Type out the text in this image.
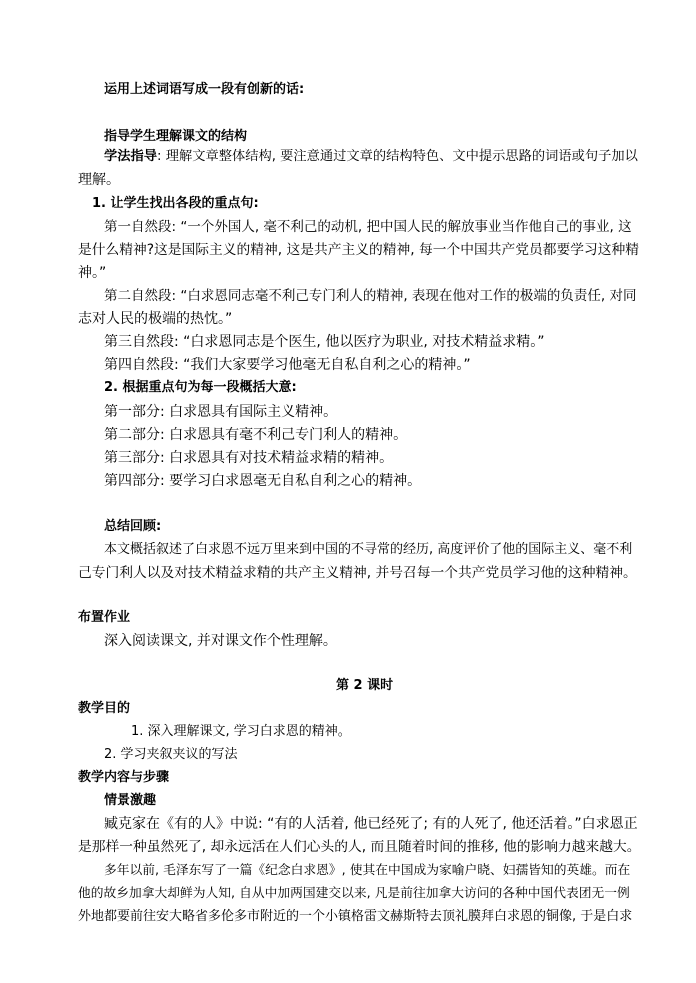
运用上述词语写成一段有创新的话:
指导学生理解课文的结构
学法指导: 理解文章整体结构, 要注意通过文章的结构特色、文中提示思路的词语或句子加以
理解。
1. 让学生找出各段的重点句:
第一自然段: “一个外国人, 毫不利己的动机, 把中国人民的解放事业当作他自己的事业, 这
是什么精神?这是国际主义的精神, 这是共产主义的精神, 每一个中国共产党员都要学习这种精
神。”
第二自然段: “白求恩同志毫不利己专门利人的精神, 表现在他对工作的极端的负责任, 对同
志对人民的极端的热忱。”
第三自然段: “白求恩同志是个医生, 他以医疗为职业, 对技术精益求精。”
第四自然段: “我们大家要学习他毫无自私自利之心的精神。”
2. 根据重点句为每一段概括大意:
第一部分: 白求恩具有国际主义精神。
第二部分: 白求恩具有毫不利己专门利人的精神。
第三部分: 白求恩具有对技术精益求精的精神。
第四部分: 要学习白求恩毫无自私自利之心的精神。
总结回顾:
本文概括叙述了白求恩不远万里来到中国的不寻常的经历, 高度评价了他的国际主义、毫不利
己专门利人以及对技术精益求精的共产主义精神, 并号召每一个共产党员学习他的这种精神。
布置作业
深入阅读课文, 并对课文作个性理解。
第 2 课时
教学目的
1. 深入理解课文, 学习白求恩的精神。
2. 学习夹叙夹议的写法
教学内容与步骤
情景激趣
臧克家在《有的人》中说: “有的人活着, 他已经死了; 有的人死了, 他还活着。”白求恩正
是那样一种虽然死了, 却永远活在人们心头的人, 而且随着时间的推移, 他的影响力越来越大。
多年以前, 毛泽东写了一篇《纪念白求恩》, 使其在中国成为家喻户晓、妇孺皆知的英雄。而在
他的故乡加拿大却鲜为人知, 自从中加两国建交以来, 凡是前往加拿大访问的各种中国代表团无一例
外地都要前往安大略省多伦多市附近的一个小镇格雷文赫斯特去顶礼膜拜白求恩的铜像, 于是白求
